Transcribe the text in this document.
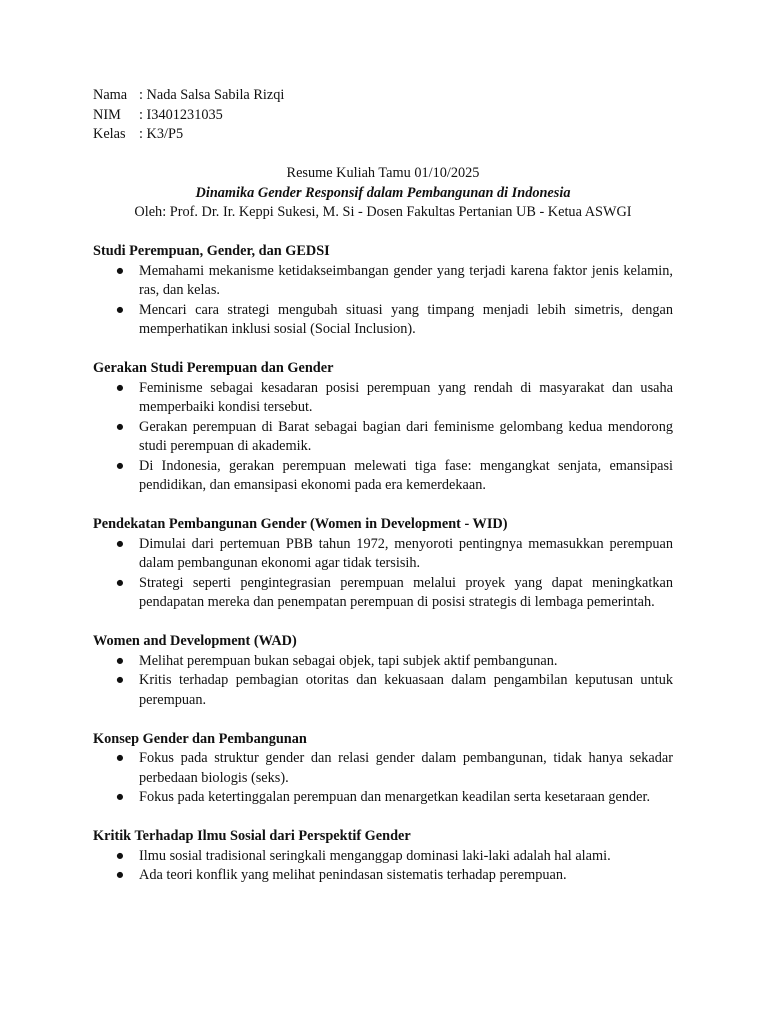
Nama : Nada Salsa Sabila Rizqi
NIM	: I3401231035
Kelas : K3/P5
Resume Kuliah Tamu 01/10/2025
Dinamika Gender Responsif dalam Pembangunan di Indonesia
Oleh: Prof. Dr. Ir. Keppi Sukesi, M. Si - Dosen Fakultas Pertanian UB - Ketua ASWGI
Studi Perempuan, Gender, dan GEDSI
● Memahami mekanisme ketidakseimbangan gender yang terjadi karena faktor jenis kelamin, ras, dan kelas.
● Mencari cara strategi mengubah situasi yang timpang menjadi lebih simetris, dengan memperhatikan inklusi sosial (Social Inclusion).
Gerakan Studi Perempuan dan Gender
● Feminisme sebagai kesadaran posisi perempuan yang rendah di masyarakat dan usaha memperbaiki kondisi tersebut.
● Gerakan perempuan di Barat sebagai bagian dari feminisme gelombang kedua mendorong studi perempuan di akademik.
● Di Indonesia, gerakan perempuan melewati tiga fase: mengangkat senjata, emansipasi pendidikan, dan emansipasi ekonomi pada era kemerdekaan.
Pendekatan Pembangunan Gender (Women in Development - WID)
● Dimulai dari pertemuan PBB tahun 1972, menyoroti pentingnya memasukkan perempuan dalam pembangunan ekonomi agar tidak tersisih.
● Strategi seperti pengintegrasian perempuan melalui proyek yang dapat meningkatkan pendapatan mereka dan penempatan perempuan di posisi strategis di lembaga pemerintah.
Women and Development (WAD)
● Melihat perempuan bukan sebagai objek, tapi subjek aktif pembangunan.
● Kritis terhadap pembagian otoritas dan kekuasaan dalam pengambilan keputusan untuk perempuan.
Konsep Gender dan Pembangunan
● Fokus pada struktur gender dan relasi gender dalam pembangunan, tidak hanya sekadar perbedaan biologis (seks).
● Fokus pada ketertinggalan perempuan dan menargetkan keadilan serta kesetaraan gender.
Kritik Terhadap Ilmu Sosial dari Perspektif Gender
● Ilmu sosial tradisional seringkali menganggap dominasi laki-laki adalah hal alami.
● Ada teori konflik yang melihat penindasan sistematis terhadap perempuan.
